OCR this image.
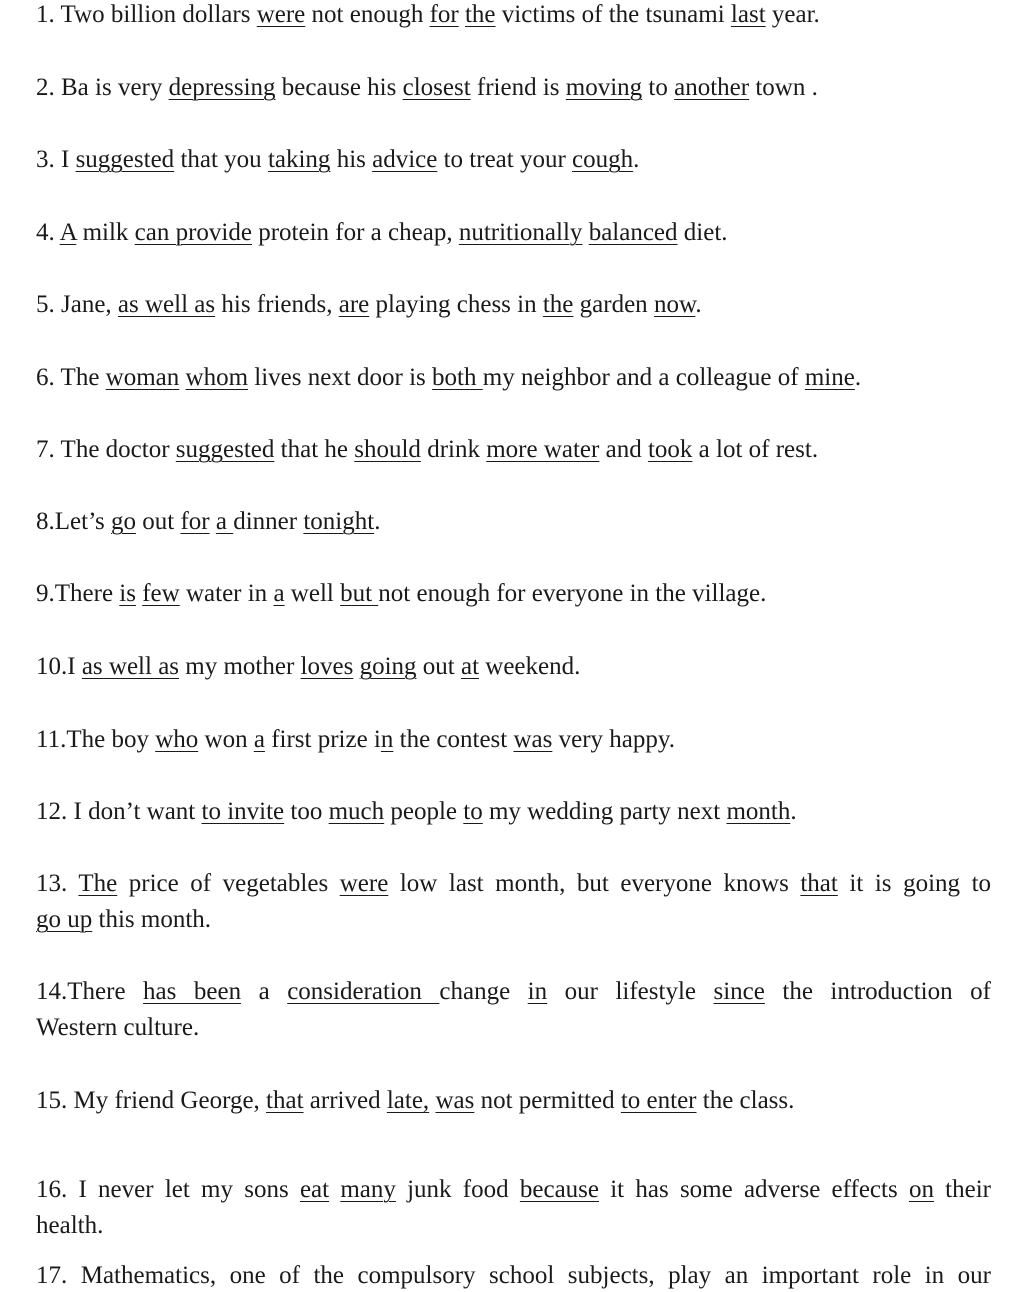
1. Two billion dollars were not enough for the victims of the tsunami last year.

2. Ba is very depressing because his closest friend is moving to another town .

3. I suggested that you taking his advice to treat your cough.

4. A milk can provide protein for a cheap, nutritionally balanced diet.

5. Jane, as well as his friends, are playing chess in the garden now.

6. The woman whom lives next door is both my neighbor and a colleague of mine.

7. The doctor suggested that he should drink more water and took a lot of rest.

8.Let’s go out for a dinner tonight.

9.There is few water in a well but not enough for everyone in the village.

10.I as well as my mother loves going out at weekend.

11.The boy who won a first prize in the contest was very happy.

12. I don’t want to invite too much people to my wedding party next month.

13. The price of vegetables were low last month, but everyone knows that it is going to

go up this month.

14.There has been a consideration change in our lifestyle since the introduction of

Western culture.

15. My friend George, that arrived late, was not permitted to enter the class.

16. I never let my sons eat many junk food because it has some adverse effects on their

health.

17. Mathematics, one of the compulsory school subjects, play an important role in our
